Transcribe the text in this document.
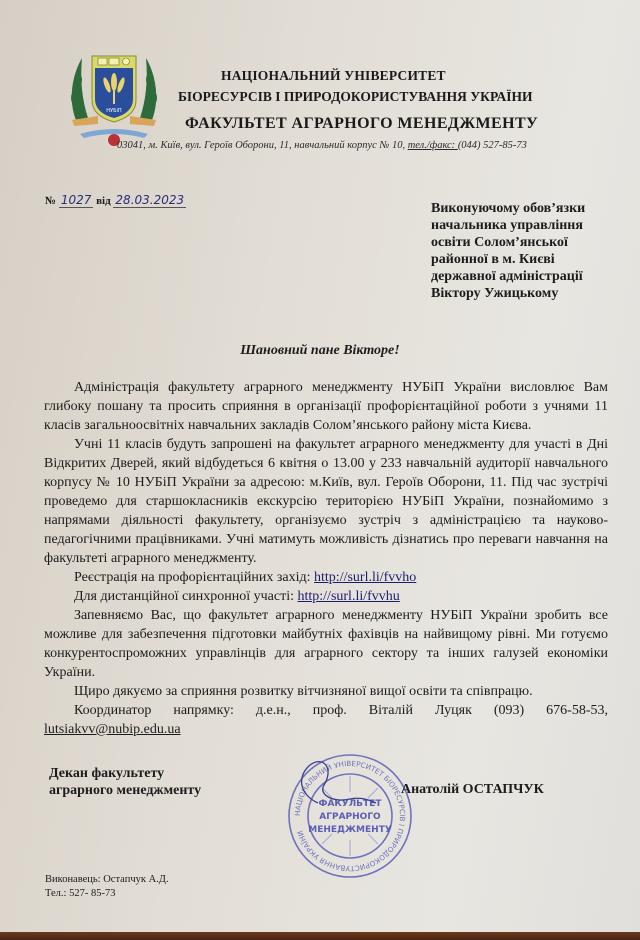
НУБіП
НАЦІОНАЛЬНИЙ УНІВЕРСИТЕТ
БІОРЕСУРСІВ І ПРИРОДОКОРИСТУВАННЯ УКРАЇНИ
ФАКУЛЬТЕТ АГРАРНОГО МЕНЕДЖМЕНТУ
03041, м. Київ, вул. Героїв Оборони, 11, навчальний корпус № 10, тел./факс: (044) 527-85-73
№ 1027 від 28.03.2023
Виконуючому обов’язки
начальника управління
освіти Солом’янської
районної в м. Києві
державної адміністрації
Віктору Ужицькому
Шановний пане Вікторе!

Адміністрація факультету аграрного менеджменту НУБіП України висловлює Вам глибоку пошану та просить сприяння в організації профорієнтаційної роботи з учнями 11 класів загальноосвітніх навчальних закладів Солом’янського району міста Києва.

Учні 11 класів будуть запрошені на факультет аграрного менеджменту для участі в Дні Відкритих Дверей, який відбудеться 6 квітня о 13.00 у 233 навчальній аудиторії навчального корпусу № 10 НУБіП України за адресою: м.Київ, вул. Героїв Оборони, 11. Під час зустрічі проведемо для старшокласників екскурсію територією НУБіП України, познайомимо з напрямами діяльності факультету, організуємо зустріч з адміністрацією та науково-педагогічними працівниками. Учні матимуть можливість дізнатись про переваги навчання на факультеті аграрного менеджменту.

Реєстрація на профорієнтаційних захід: http://surl.li/fvvho

Для дистанційної синхронної участі: http://surl.li/fvvhu

Запевняємо Вас, що факультет аграрного менеджменту НУБіП України зробить все можливе для забезпечення підготовки майбутніх фахівців на найвищому рівні. Ми готуємо конкурентоспроможних управлінців для аграрного сектору та інших галузей економіки України.

Щиро дякуємо за сприяння розвитку вітчизняної вищої освіти та співпрацю.

Координатор напрямку: д.е.н., проф. Віталій Луцяк (093) 676-58-53, lutsiakvv@nubip.edu.ua

Декан факультету
аграрного менеджменту
НАЦІОНАЛЬНИЙ УНІВЕРСИТЕТ БІОРЕСУРСІВ І ПРИРОДОКОРИСТУВАННЯ УКРАЇНИ
ФАКУЛЬТЕТ
АГРАРНОГО
МЕНЕДЖМЕНТУ
Анатолій ОСТАПЧУК
Виконавець: Остапчук А.Д.
Тел.: 527- 85-73
